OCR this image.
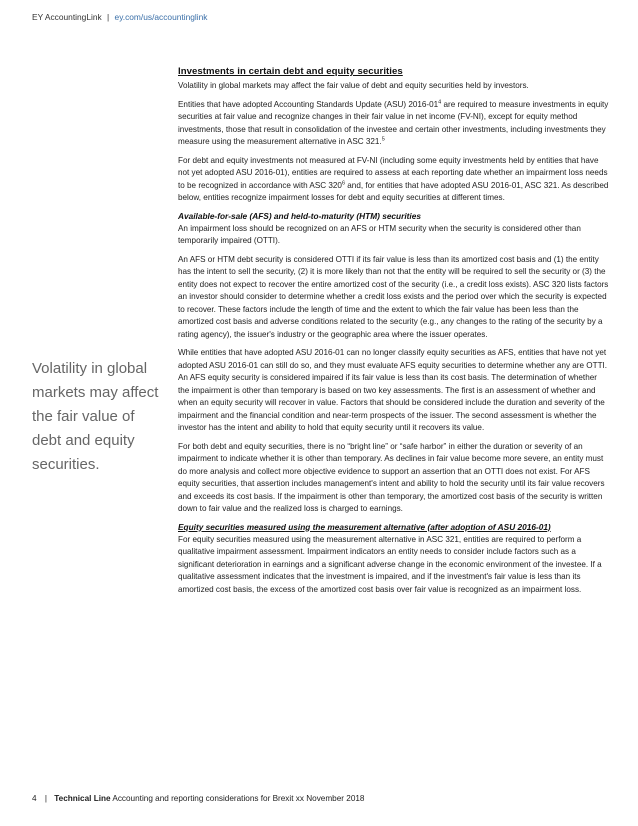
EY AccountingLink | ey.com/us/accountinglink
Volatility in global markets may affect the fair value of debt and equity securities.
Investments in certain debt and equity securities

Volatility in global markets may affect the fair value of debt and equity securities held by investors.

Entities that have adopted Accounting Standards Update (ASU) $2016-01^4$ are required to measure investments in equity securities at fair value and recognize changes in their fair value in net income (FV-NI), except for equity method investments, those that result in consolidation of the investee and certain other investments, including investments they measure using the measurement alternative in ASC 321.$^5$

For debt and equity investments not measured at FV-NI (including some equity investments held by entities that have not yet adopted ASU 2016-01), entities are required to assess at each reporting date whether an impairment loss needs to be recognized in accordance with ASC $320^6$ and, for entities that have adopted ASU 2016-01, ASC 321. As described below, entities recognize impairment losses for debt and equity securities at different times.

Available-for-sale (AFS) and held-to-maturity (HTM) securities

An impairment loss should be recognized on an AFS or HTM security when the security is considered other than temporarily impaired (OTTI).

An AFS or HTM debt security is considered OTTI if its fair value is less than its amortized cost basis and (1) the entity has the intent to sell the security, (2) it is more likely than not that the entity will be required to sell the security or (3) the entity does not expect to recover the entire amortized cost of the security (i.e., a credit loss exists). ASC 320 lists factors an investor should consider to determine whether a credit loss exists and the period over which the security is expected to recover. These factors include the length of time and the extent to which the fair value has been less than the amortized cost basis and adverse conditions related to the security (e.g., any changes to the rating of the security by a rating agency), the issuer's industry or the geographic area where the issuer operates.

While entities that have adopted ASU 2016-01 can no longer classify equity securities as AFS, entities that have not yet adopted ASU 2016-01 can still do so, and they must evaluate AFS equity securities to determine whether any are OTTI. An AFS equity security is considered impaired if its fair value is less than its cost basis. The determination of whether the impairment is other than temporary is based on two key assessments. The first is an assessment of whether and when an equity security will recover in value. Factors that should be considered include the duration and severity of the impairment and the financial condition and near-term prospects of the issuer. The second assessment is whether the investor has the intent and ability to hold that equity security until it recovers its value.

For both debt and equity securities, there is no “bright line” or “safe harbor” in either the duration or severity of an impairment to indicate whether it is other than temporary. As declines in fair value become more severe, an entity must do more analysis and collect more objective evidence to support an assertion that an OTTI does not exist. For AFS equity securities, that assertion includes management's intent and ability to hold the security until its fair value recovers and exceeds its cost basis. If the impairment is other than temporary, the amortized cost basis of the security is written down to fair value and the realized loss is charged to earnings.

Equity securities measured using the measurement alternative (after adoption of ASU 2016-01)

For equity securities measured using the measurement alternative in ASC 321, entities are required to perform a qualitative impairment assessment. Impairment indicators an entity needs to consider include factors such as a significant deterioration in earnings and a significant adverse change in the economic environment of the investee. If a qualitative assessment indicates that the investment is impaired, and if the investment's fair value is less than its amortized cost basis, the excess of the amortized cost basis over fair value is recognized as an impairment loss.

4 | Technical Line Accounting and reporting considerations for Brexit xx November 2018
